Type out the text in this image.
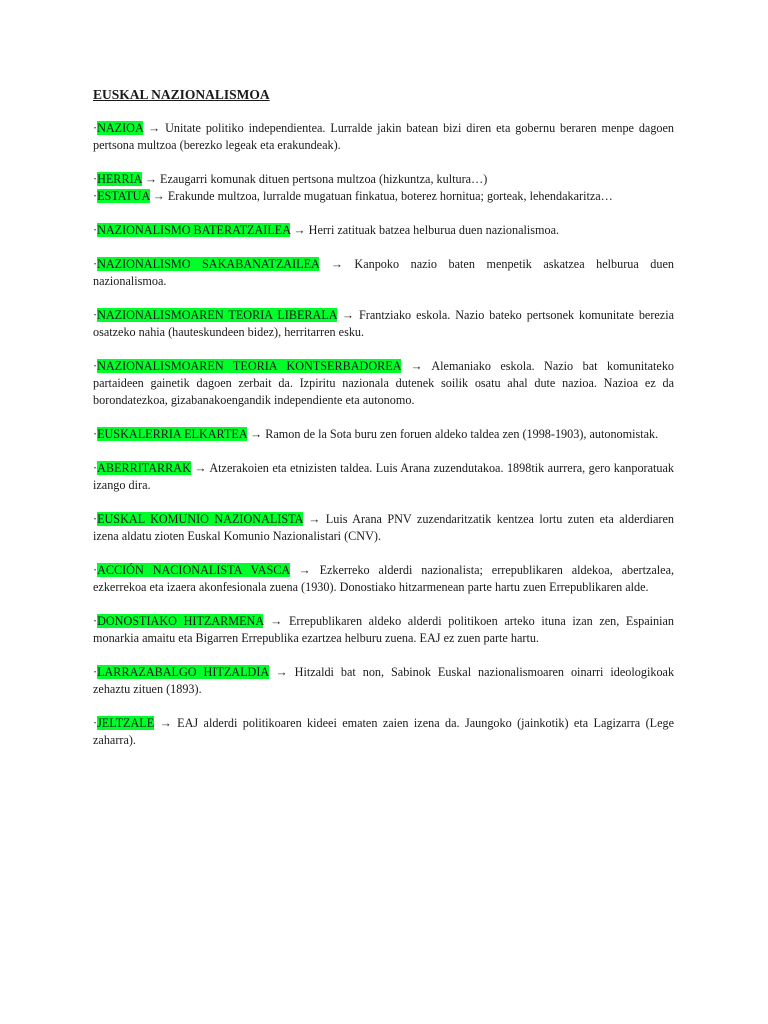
EUSKAL NAZIONALISMOA

·NAZIOA → Unitate politiko independientea. Lurralde jakin batean bizi diren eta gobernu beraren menpe dagoen pertsona multzoa (berezko legeak eta erakundeak).

·HERRIA → Ezaugarri komunak dituen pertsona multzoa (hizkuntza, kultura…)

·ESTATUA → Erakunde multzoa, lurralde mugatuan finkatua, boterez hornitua; gorteak, lehendakaritza…

·NAZIONALISMO BATERATZAILEA → Herri zatituak batzea helburua duen nazionalismoa.

·NAZIONALISMO SAKABANATZAILEA → Kanpoko nazio baten menpetik askatzea helburua duen nazionalismoa.

·NAZIONALISMOAREN TEORIA LIBERALA → Frantziako eskola. Nazio bateko pertsonek komunitate berezia osatzeko nahia (hauteskundeen bidez), herritarren esku.

·NAZIONALISMOAREN TEORIA KONTSERBADOREA → Alemaniako eskola. Nazio bat komunitateko partaideen gainetik dagoen zerbait da. Izpiritu nazionala dutenek soilik osatu ahal dute nazioa. Nazioa ez da borondatezkoa, gizabanakoengandik independiente eta autonomo.

·EUSKALERRIA ELKARTEA → Ramon de la Sota buru zen foruen aldeko taldea zen (1998-1903), autonomistak.

·ABERRITARRAK → Atzerakoien eta etnizisten taldea. Luis Arana zuzendutakoa. 1898tik aurrera, gero kanporatuak izango dira.

·EUSKAL KOMUNIO NAZIONALISTA → Luis Arana PNV zuzendaritzatik kentzea lortu zuten eta alderdiaren izena aldatu zioten Euskal Komunio Nazionalistari (CNV).

·ACCIÓN NACIONALISTA VASCA → Ezkerreko alderdi nazionalista; errepublikaren aldekoa, abertzalea, ezkerrekoa eta izaera akonfesionala zuena (1930). Donostiako hitzarmenean parte hartu zuen Errepublikaren alde.

·DONOSTIAKO HITZARMENA → Errepublikaren aldeko alderdi politikoen arteko ituna izan zen, Espainian monarkia amaitu eta Bigarren Errepublika ezartzea helburu zuena. EAJ ez zuen parte hartu.

·LARRAZABALGO HITZALDIA → Hitzaldi bat non, Sabinok Euskal nazionalismoaren oinarri ideologikoak zehaztu zituen (1893).

·JELTZALE → EAJ alderdi politikoaren kideei ematen zaien izena da. Jaungoko (jainkotik) eta Lagizarra (Lege zaharra).
